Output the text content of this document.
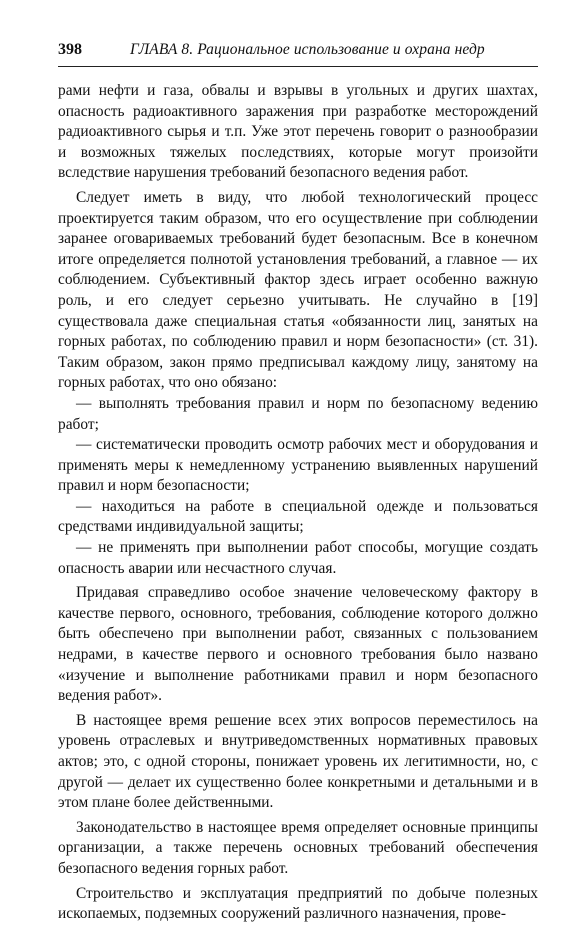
398	ГЛАВА 8. Рациональное использование и охрана недр

рами нефти и газа, обвалы и взрывы в угольных и других шахтах, опасность радиоактивного заражения при разработке месторождений радиоактивного сырья и т.п. Уже этот перечень говорит о разнообразии и возможных тяжелых последствиях, которые могут произойти вследствие нарушения требований безопасного ведения работ.

Следует иметь в виду, что любой технологический процесс проектируется таким образом, что его осуществление при соблюдении заранее оговариваемых требований будет безопасным. Все в конечном итоге определяется полнотой установления требований, а главное — их соблюдением. Субъективный фактор здесь играет особенно важную роль, и его следует серьезно учитывать. Не случайно в [19] существовала даже специальная статья «обязанности лиц, занятых на горных работах, по соблюдению правил и норм безопасности» (ст. 31). Таким образом, закон прямо предписывал каждому лицу, занятому на горных работах, что оно обязано:

— выполнять требования правил и норм по безопасному ведению работ;

— систематически проводить осмотр рабочих мест и оборудования и применять меры к немедленному устранению выявленных нарушений правил и норм безопасности;

— находиться на работе в специальной одежде и пользоваться средствами индивидуальной защиты;

— не применять при выполнении работ способы, могущие создать опасность аварии или несчастного случая.

Придавая справедливо особое значение человеческому фактору в качестве первого, основного, требования, соблюдение которого должно быть обеспечено при выполнении работ, связанных с пользованием недрами, в качестве первого и основного требования было названо «изучение и выполнение работниками правил и норм безопасного ведения работ».

В настоящее время решение всех этих вопросов переместилось на уровень отраслевых и внутриведомственных нормативных правовых актов; это, с одной стороны, понижает уровень их легитимности, но, с другой — делает их существенно более конкретными и детальными и в этом плане более действенными.

Законодательство в настоящее время определяет основные принципы организации, а также перечень основных требований обеспечения безопасного ведения горных работ.

Строительство и эксплуатация предприятий по добыче полезных ископаемых, подземных сооружений различного назначения, прове-
